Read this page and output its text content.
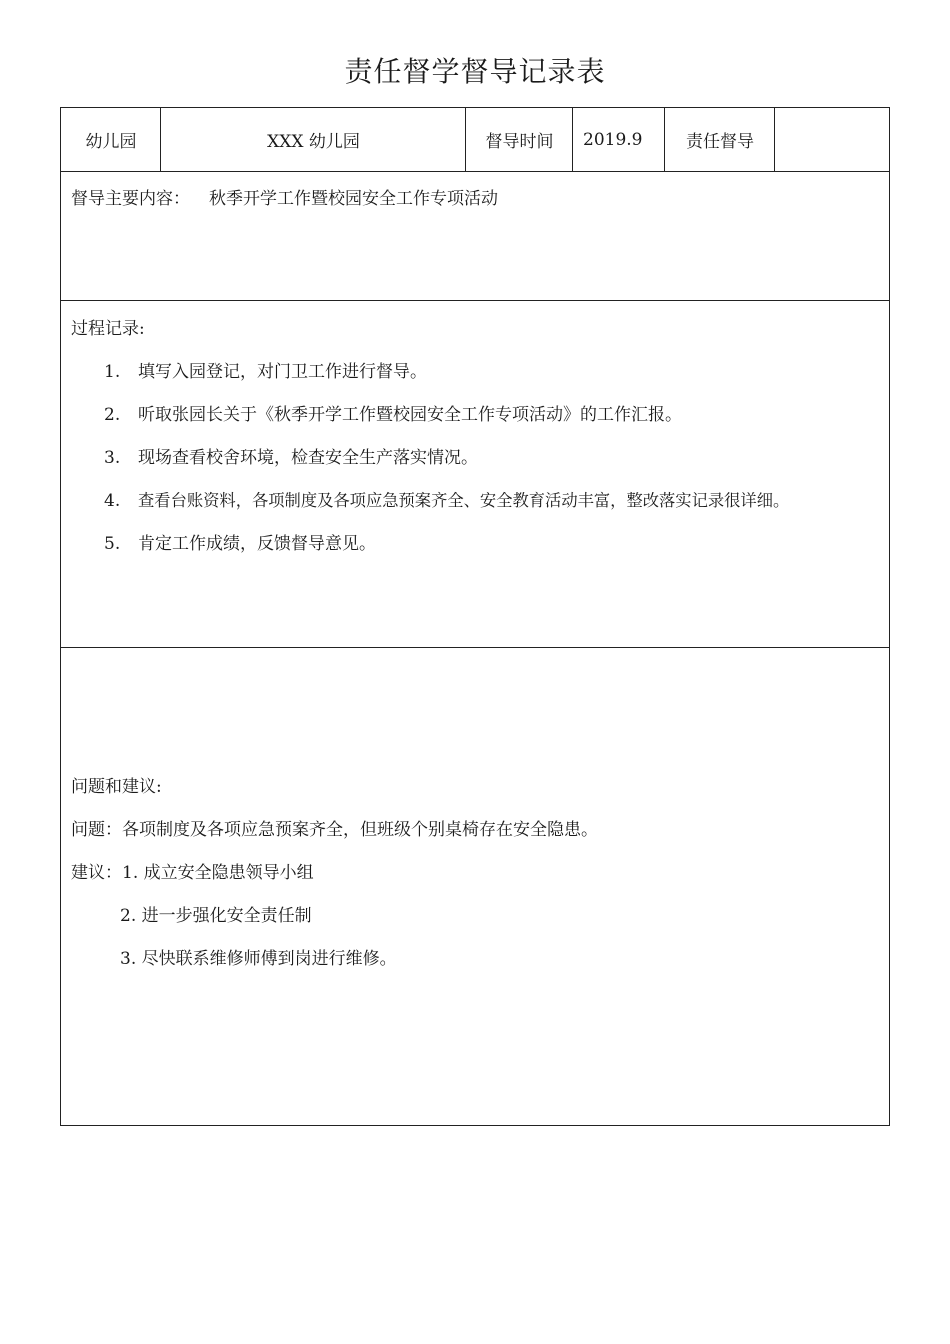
责任督学督导记录表
幼儿园	XXX 幼儿园	督导时间	2019.9	责任督导
督导主要内容： 秋季开学工作暨校园安全工作专项活动
过程记录:
1. 填写入园登记，对门卫工作进行督导。
2. 听取张园长关于《秋季开学工作暨校园安全工作专项活动》的工作汇报。
3. 现场查看校舍环境，检查安全生产落实情况。
4. 查看台账资料，各项制度及各项应急预案齐全、安全教育活动丰富，整改落实记录很详细。
5. 肯定工作成绩，反馈督导意见。
问题和建议:
问题：各项制度及各项应急预案齐全，但班级个别桌椅存在安全隐患。
建议：1. 成立安全隐患领导小组
2. 进一步强化安全责任制
3. 尽快联系维修师傅到岗进行维修。
